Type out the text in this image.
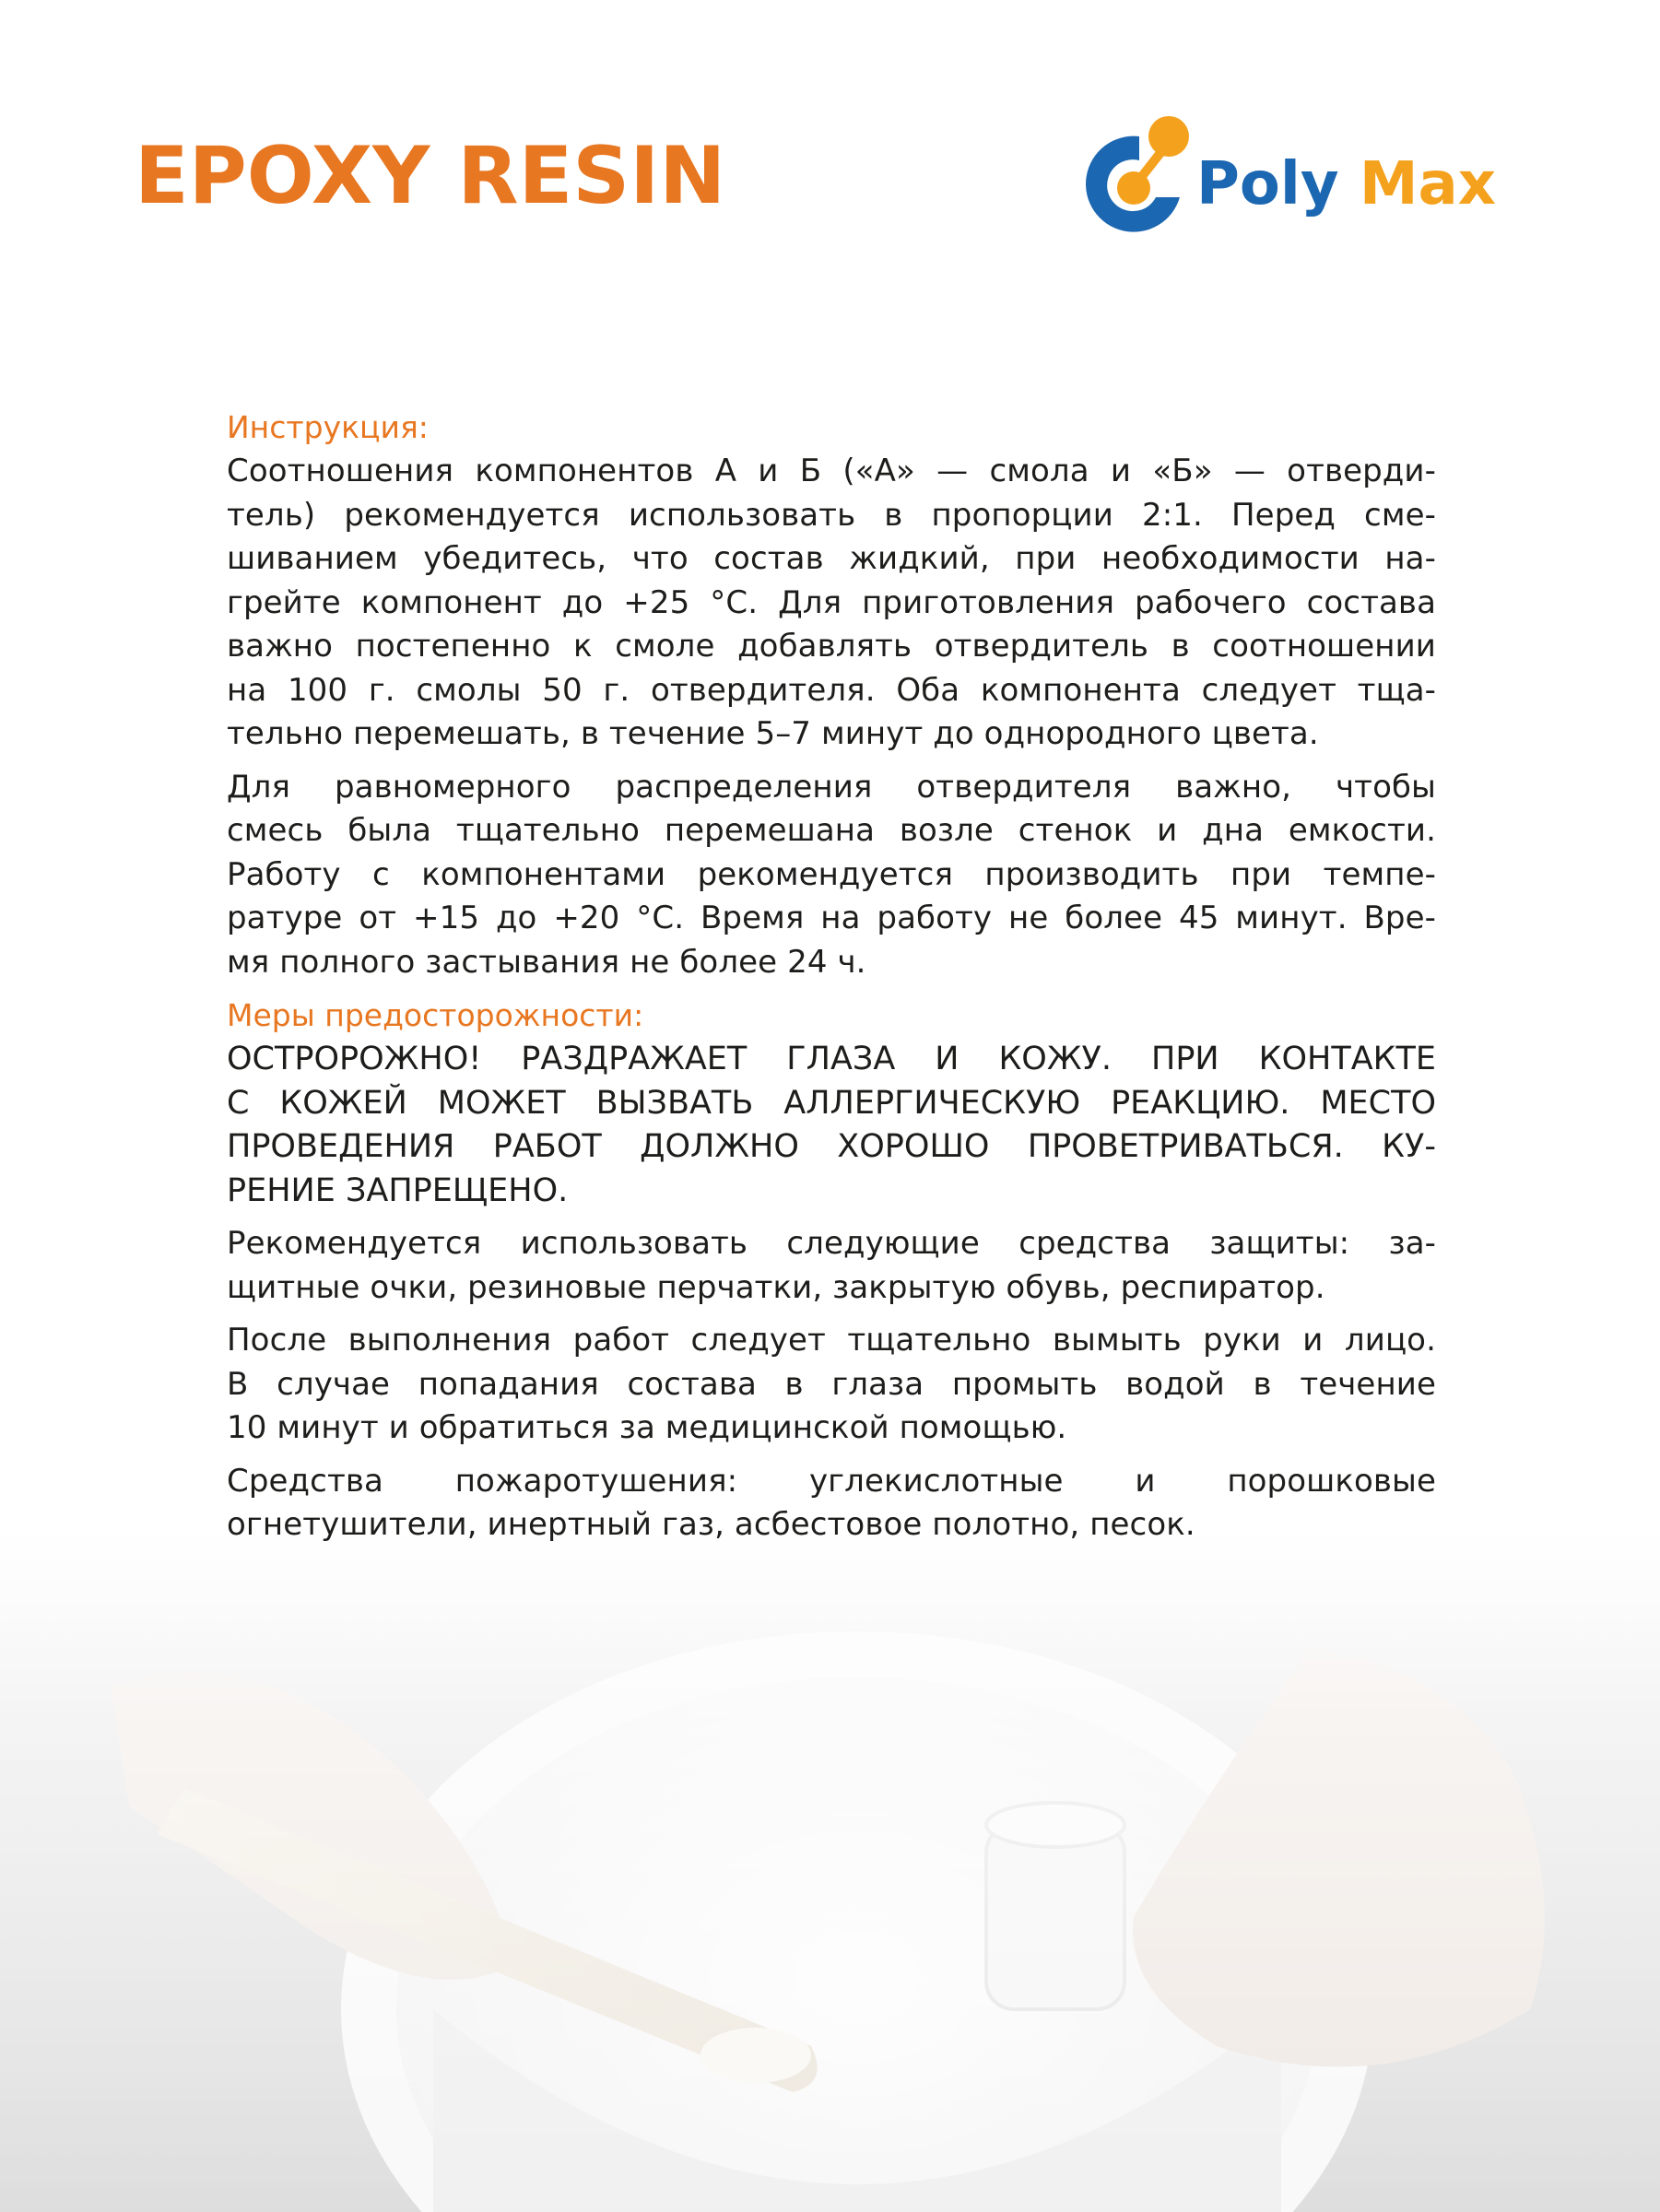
EPOXY RESIN	Poly Max
Инструкция:

Соотношения компонентов А и Б («А» — смола и «Б» — отверди-
тель) рекомендуется использовать в пропорции 2:1. Перед сме-
шиванием убедитесь, что состав жидкий, при необходимости на-
грейте компонент до +25 °С. Для приготовления рабочего состава
важно постепенно к смоле добавлять отвердитель в соотношении
на 100 г. смолы 50 г. отвердителя. Оба компонента следует тща-
тельно перемешать, в течение 5–7 минут до однородного цвета.

Для равномерного распределения отвердителя важно, чтобы
смесь была тщательно перемешана возле стенок и дна емкости.
Работу с компонентами рекомендуется производить при темпе-
ратуре от +15 до +20 °С. Время на работу не более 45 минут. Вре-
мя полного застывания не более 24 ч.

Меры предосторожности:

ОСТРОРОЖНО! РАЗДРАЖАЕТ ГЛАЗА И КОЖУ. ПРИ КОНТАКТЕ
С КОЖЕЙ МОЖЕТ ВЫЗВАТЬ АЛЛЕРГИЧЕСКУЮ РЕАКЦИЮ. МЕСТО
ПРОВЕДЕНИЯ РАБОТ ДОЛЖНО ХОРОШО ПРОВЕТРИВАТЬСЯ. КУ-
РЕНИЕ ЗАПРЕЩЕНО.

Рекомендуется использовать следующие средства защиты: за-
щитные очки, резиновые перчатки, закрытую обувь, респиратор.

После выполнения работ следует тщательно вымыть руки и лицо.
В случае попадания состава в глаза промыть водой в течение
10 минут и обратиться за медицинской помощью.

Средства пожаротушения: углекислотные и порошковые
огнетушители, инертный газ, асбестовое полотно, песок.
